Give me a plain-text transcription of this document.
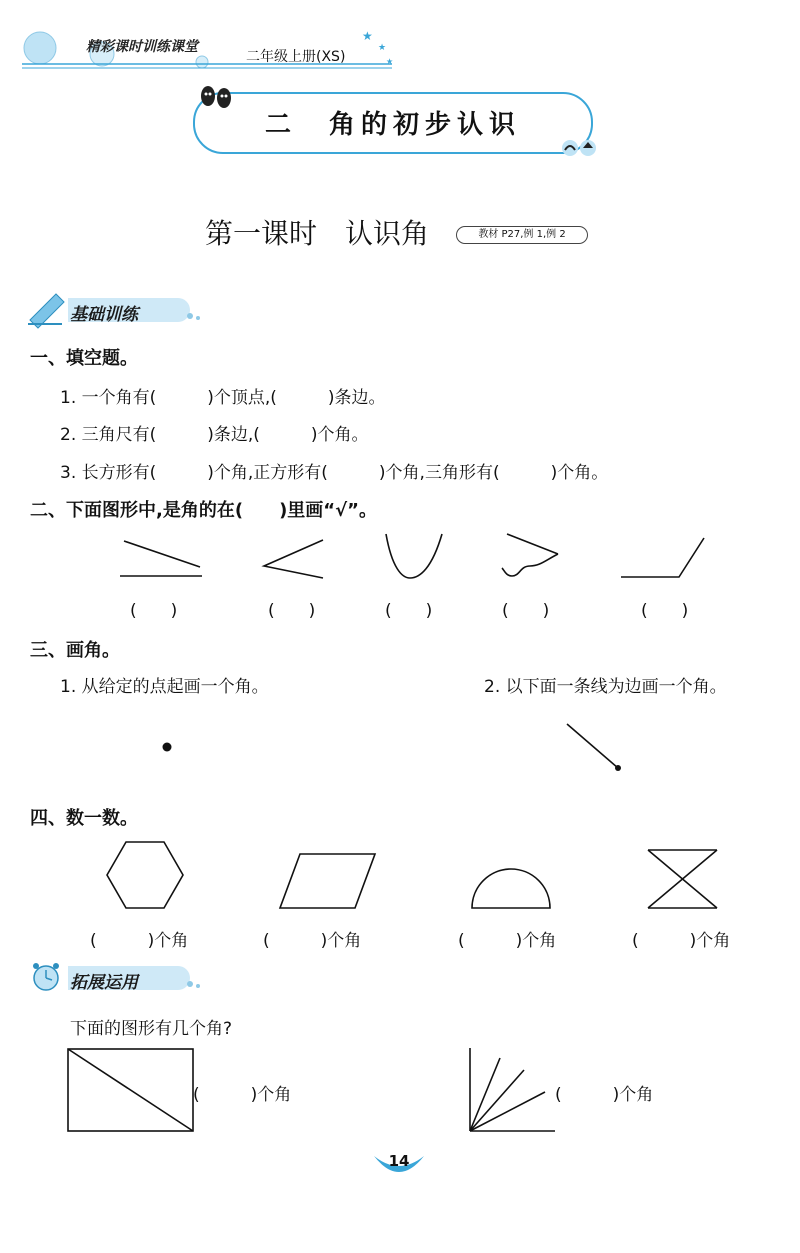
★
★
★
精彩课时训练课堂
二年级上册(XS)
二　角的初步认识
第一课时　认识角	教材 P27,例 1,例 2
基础训练
一、填空题。
1. 一个角有(　　　)个顶点,(　　　)条边。
2. 三角尺有(　　　)条边,(　　　)个角。
3. 长方形有(　　　)个角,正方形有(　　　)个角,三角形有(　　　)个角。
二、下面图形中,是角的在(　　)里画“√”。
(　　)	(　　)	(　　)	(　　)	(　　)
三、画角。
1. 从给定的点起画一个角。	2. 以下面一条线为边画一个角。
四、数一数。
(　　　)个角	(　　　)个角	(　　　)个角	(　　　)个角
拓展运用
下面的图形有几个角?
(　　　)个角	(　　　)个角
14
